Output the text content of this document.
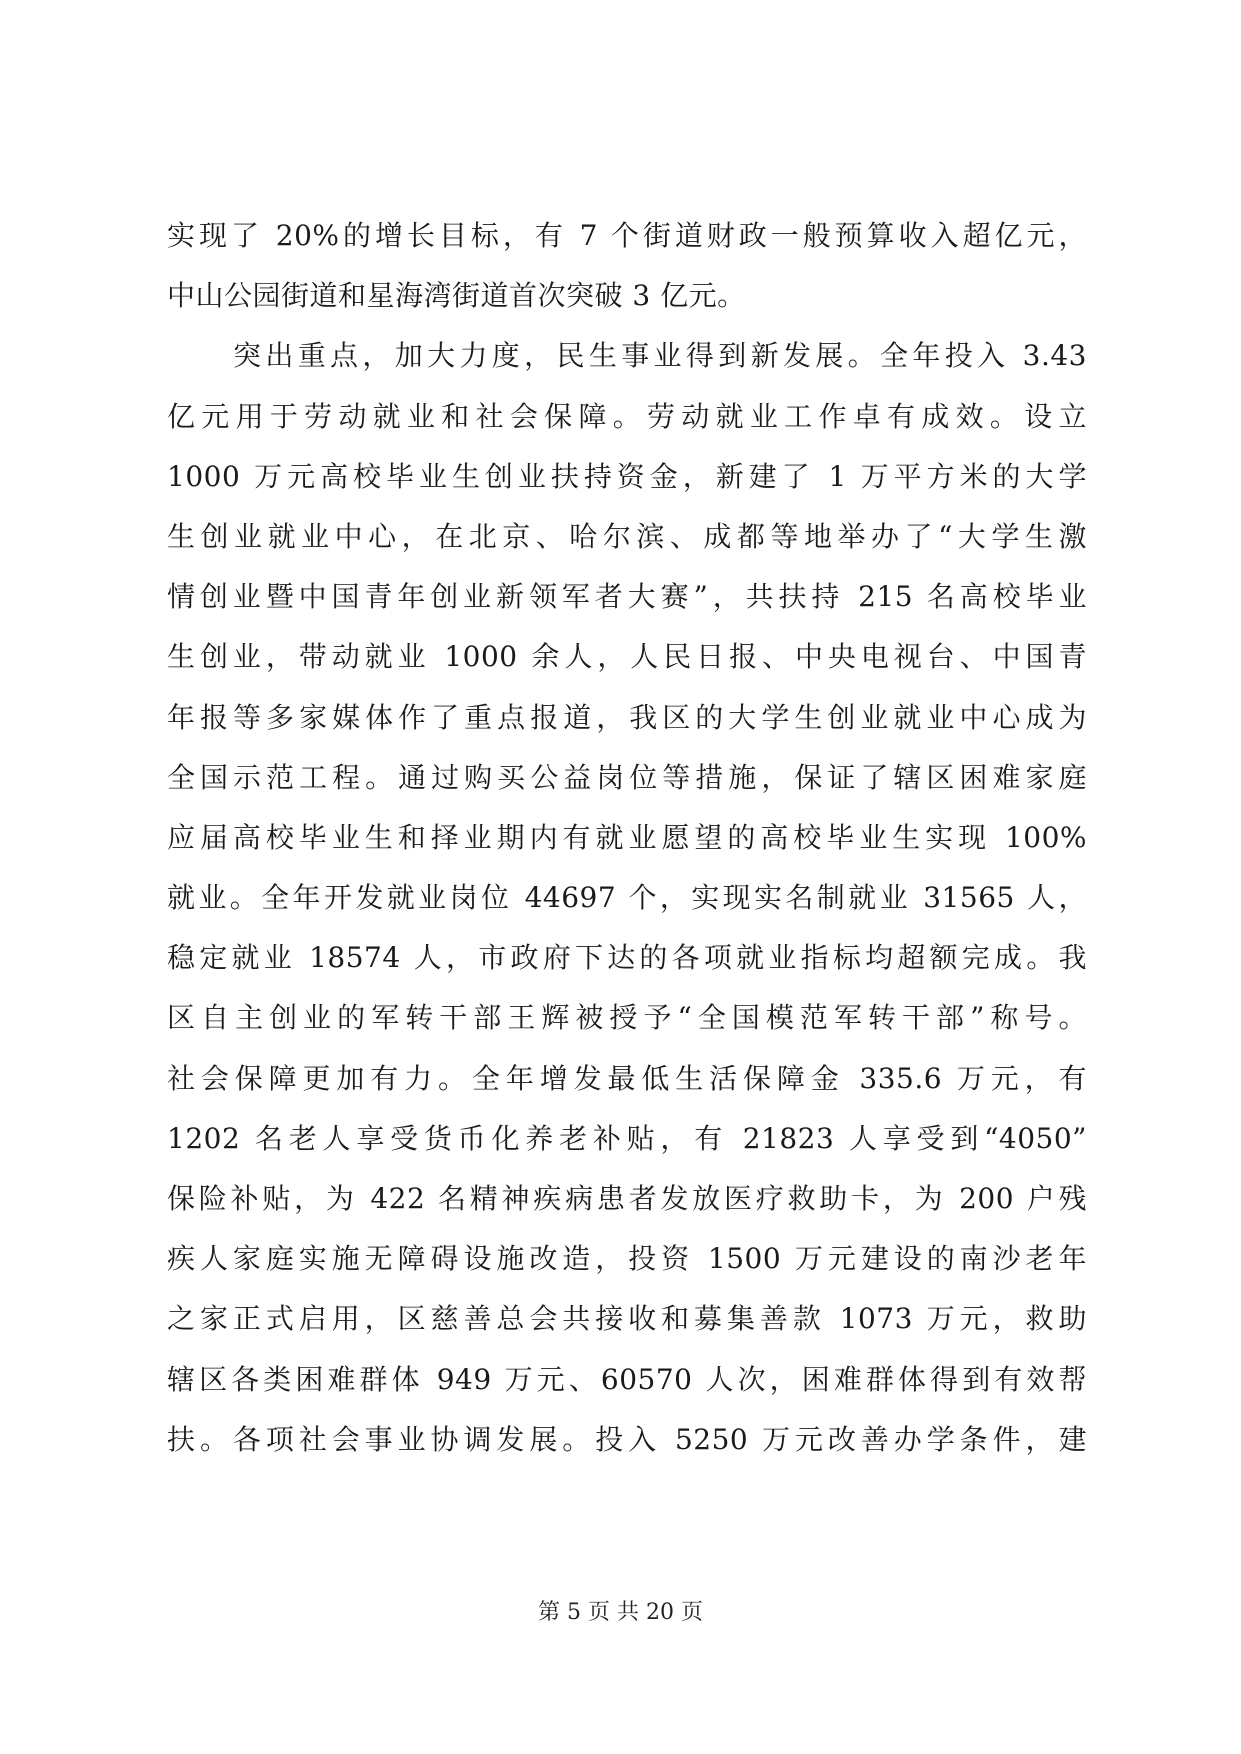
实现了 20%的增长目标，有 7 个街道财政一般预算收入超亿元，
中山公园街道和星海湾街道首次突破 3 亿元。
突出重点，加大力度，民生事业得到新发展。全年投入 3.43
亿元用于劳动就业和社会保障。劳动就业工作卓有成效。设立
1000 万元高校毕业生创业扶持资金，新建了 1 万平方米的大学
生创业就业中心，在北京、哈尔滨、成都等地举办了“大学生激
情创业暨中国青年创业新领军者大赛”，共扶持 215 名高校毕业
生创业，带动就业 1000 余人，人民日报、中央电视台、中国青
年报等多家媒体作了重点报道，我区的大学生创业就业中心成为
全国示范工程。通过购买公益岗位等措施，保证了辖区困难家庭
应届高校毕业生和择业期内有就业愿望的高校毕业生实现 100%
就业。全年开发就业岗位 44697 个，实现实名制就业 31565 人，
稳定就业 18574 人，市政府下达的各项就业指标均超额完成。我
区自主创业的军转干部王辉被授予“全国模范军转干部”称号。
社会保障更加有力。全年增发最低生活保障金 335.6 万元，有
1202 名老人享受货币化养老补贴，有 21823 人享受到“4050”
保险补贴，为 422 名精神疾病患者发放医疗救助卡，为 200 户残
疾人家庭实施无障碍设施改造，投资 1500 万元建设的南沙老年
之家正式启用，区慈善总会共接收和募集善款 1073 万元，救助
辖区各类困难群体 949 万元、60570 人次，困难群体得到有效帮
扶。各项社会事业协调发展。投入 5250 万元改善办学条件，建
第 5 页 共 20 页
